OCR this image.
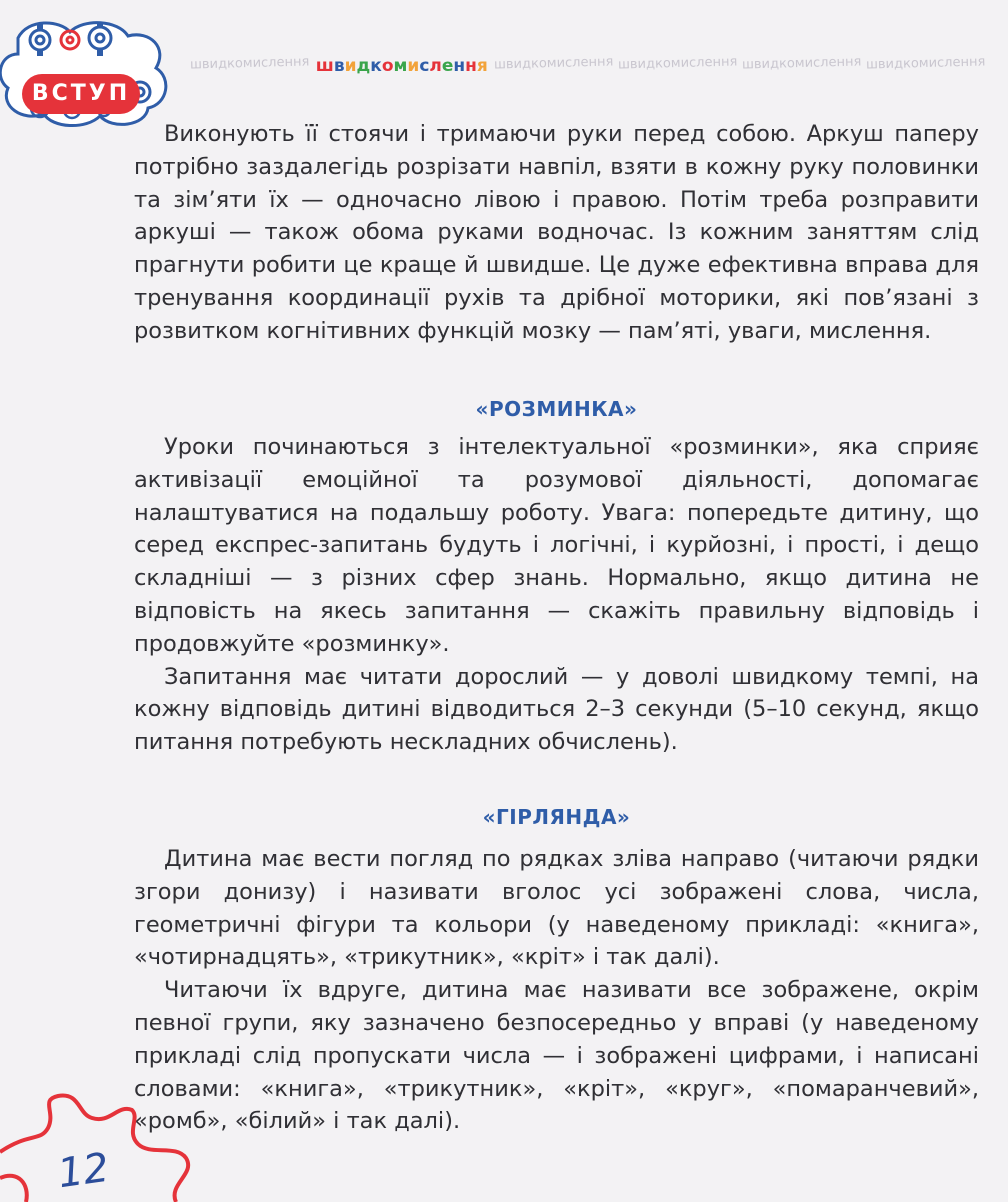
ВСТУП
швидкомислення швидкомислення швидкомислення швидкомислення швидкомислення швидкомислення

Виконують її стоячи і тримаючи руки перед собою. Аркуш паперу потрібно заздалегідь розрізати навпіл, взяти в кожну руку половинки та зім’яти їх — одночасно лівою і правою. Потім треба розправити аркуші — також обома руками водночас. Із кожним заняттям слід прагнути робити це краще й швидше. Це дуже ефективна вправа для тренування координації рухів та дрібної моторики, які пов’язані з розвитком когнітивних функцій мозку — пам’яті, уваги, мислення.

«РОЗМИНКА»

Уроки починаються з інтелектуальної «розминки», яка сприяє активізації емоційної та розумової діяльності, допомагає налаштуватися на подальшу роботу. Увага: попередьте дитину, що серед експрес-запитань будуть і логічні, і курйозні, і прості, і дещо складніші — з різних сфер знань. Нормально, якщо дитина не відповість на якесь запитання — скажіть правильну відповідь і продовжуйте «розминку».

Запитання має читати дорослий — у доволі швидкому темпі, на кожну відповідь дитині відводиться 2–3 секунди (5–10 секунд, якщо питання потребують нескладних обчислень).

«ГІРЛЯНДА»

Дитина має вести погляд по рядках зліва направо (читаючи рядки згори донизу) і називати вголос усі зображені слова, числа, геометричні фігури та кольори (у наведеному прикладі: «книга», «чотирнадцять», «трикутник», «кріт» і так далі).

Читаючи їх вдруге, дитина має називати все зображене, окрім певної групи, яку зазначено безпосередньо у вправі (у наведеному прикладі слід пропускати числа — і зображені цифрами, і написані словами: «книга», «трикутник», «кріт», «круг», «помаранчевий», «ромб», «білий» і так далі).

12
